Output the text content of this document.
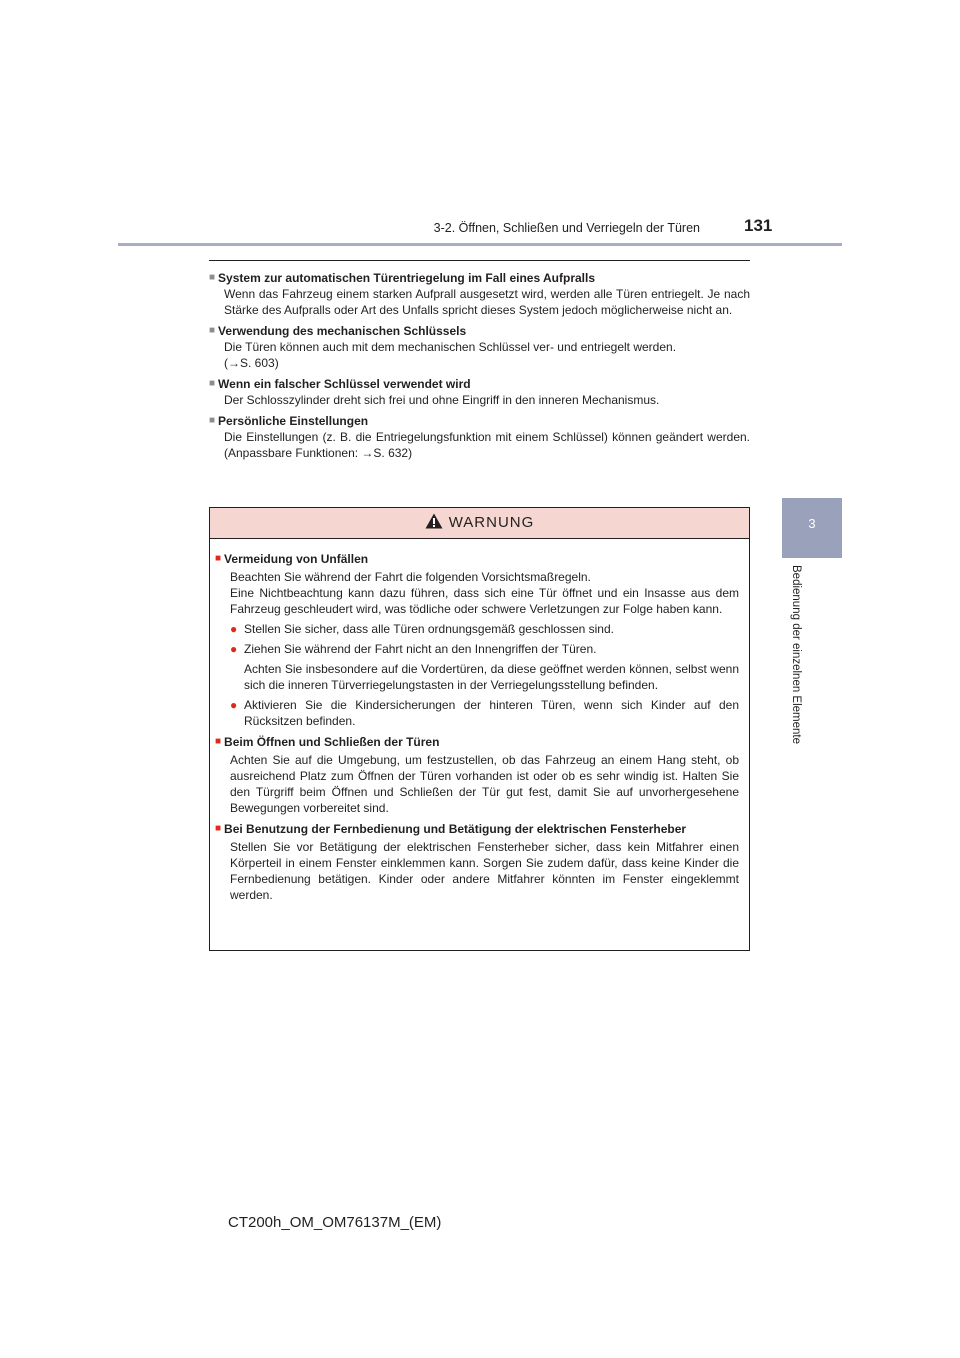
3-2. Öffnen, Schließen und Verriegeln der Türen	131
3
Bedienung der einzelnen Elemente
■ System zur automatischen Türentriegelung im Fall eines Aufpralls
Wenn das Fahrzeug einem starken Aufprall ausgesetzt wird, werden alle Türen entriegelt. Je nach Stärke des Aufpralls oder Art des Unfalls spricht dieses System jedoch möglicherweise nicht an.
■ Verwendung des mechanischen Schlüssels
Die Türen können auch mit dem mechanischen Schlüssel ver- und entriegelt werden.
(→S. 603)
■ Wenn ein falscher Schlüssel verwendet wird
Der Schlosszylinder dreht sich frei und ohne Eingriff in den inneren Mechanismus.
■ Persönliche Einstellungen
Die Einstellungen (z. B. die Entriegelungsfunktion mit einem Schlüssel) können geändert werden. (Anpassbare Funktionen: →S. 632)
WARNUNG
■ Vermeidung von Unfällen
Beachten Sie während der Fahrt die folgenden Vorsichtsmaßregeln.
Eine Nichtbeachtung kann dazu führen, dass sich eine Tür öffnet und ein Insasse aus dem Fahrzeug geschleudert wird, was tödliche oder schwere Verletzungen zur Folge haben kann.
● Stellen Sie sicher, dass alle Türen ordnungsgemäß geschlossen sind.
● Ziehen Sie während der Fahrt nicht an den Innengriffen der Türen.
Achten Sie insbesondere auf die Vordertüren, da diese geöffnet werden können, selbst wenn sich die inneren Türverriegelungstasten in der Verriegelungsstellung befinden.
● Aktivieren Sie die Kindersicherungen der hinteren Türen, wenn sich Kinder auf den Rücksitzen befinden.
■ Beim Öffnen und Schließen der Türen
Achten Sie auf die Umgebung, um festzustellen, ob das Fahrzeug an einem Hang steht, ob ausreichend Platz zum Öffnen der Türen vorhanden ist oder ob es sehr windig ist. Halten Sie den Türgriff beim Öffnen und Schließen der Tür gut fest, damit Sie auf unvorhergesehene Bewegungen vorbereitet sind.
■ Bei Benutzung der Fernbedienung und Betätigung der elektrischen Fensterheber
Stellen Sie vor Betätigung der elektrischen Fensterheber sicher, dass kein Mitfahrer einen Körperteil in einem Fenster einklemmen kann. Sorgen Sie zudem dafür, dass keine Kinder die Fernbedienung betätigen. Kinder oder andere Mitfahrer könnten im Fenster eingeklemmt werden.
CT200h_OM_OM76137M_(EM)
